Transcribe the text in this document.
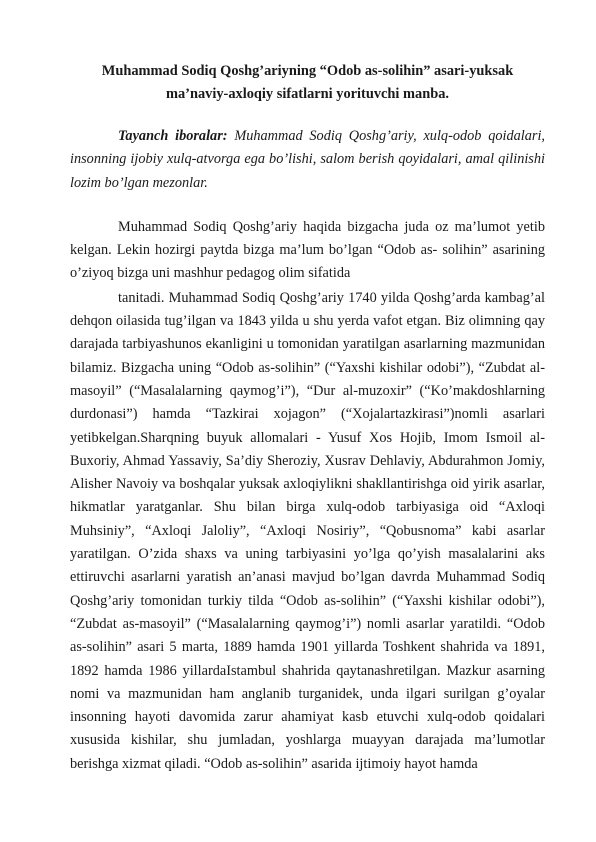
Muhammad Sodiq Qoshg’ariyning “Odob as-solihin” asari-yuksak ma’naviy-axloqiy sifatlarni yorituvchi manba.

Tayanch iboralar: Muhammad Sodiq Qoshg’ariy, xulq-odob qoidalari, insonning ijobiy xulq-atvorga ega bo’lishi, salom berish qoyidalari, amal qilinishi lozim bo’lgan mezonlar.

Muhammad Sodiq Qoshg’ariy haqida bizgacha juda oz ma’lumot yetib kelgan. Lekin hozirgi paytda bizga ma’lum bo’lgan “Odob as- solihin” asarining o’ziyoq bizga uni mashhur pedagog olim sifatida

tanitadi. Muhammad Sodiq Qoshg’ariy 1740 yilda Qoshg’arda kambag’al dehqon oilasida tug’ilgan va 1843 yilda u shu yerda vafot etgan. Biz olimning qay darajada tarbiyashunos ekanligini u tomonidan yaratilgan asarlarning mazmunidan bilamiz. Bizgacha uning “Odob as-solihin” (“Yaxshi kishilar odobi”), “Zubdat al-masoyil” (“Masalalarning qaymog’i”), “Dur al-muzoxir” (“Ko’makdoshlarning durdonasi”) hamda “Tazkirai xojagon” (“Xojalartazkirasi”)nomli asarlari yetibkelgan.Sharqning buyuk allomalari - Yusuf Xos Hojib, Imom Ismoil al-Buxoriy, Ahmad Yassaviy, Sa’diy Sheroziy, Xusrav Dehlaviy, Abdurahmon Jomiy, Alisher Navoiy va boshqalar yuksak axloqiylikni shakllantirishga oid yirik asarlar, hikmatlar yaratganlar. Shu bilan birga xulq-odob tarbiyasiga oid “Axloqi Muhsiniy”, “Axloqi Jaloliy”, “Axloqi Nosiriy”, “Qobusnoma” kabi asarlar yaratilgan. O’zida shaxs va uning tarbiyasini yo’lga qo’yish masalalarini aks ettiruvchi asarlarni yaratish an’anasi mavjud bo’lgan davrda Muhammad Sodiq Qoshg’ariy tomonidan turkiy tilda “Odob as-solihin” (“Yaxshi kishilar odobi”), “Zubdat as-masoyil” (“Masalalarning qaymog’i”) nomli asarlar yaratildi. “Odob as-solihin” asari 5 marta, 1889 hamda 1901 yillarda Toshkent shahrida va 1891, 1892 hamda 1986 yillardaIstambul shahrida qaytanashretilgan. Mazkur asarning nomi va mazmunidan ham anglanib turganidek, unda ilgari surilgan g’oyalar insonning hayoti davomida zarur ahamiyat kasb etuvchi xulq-odob qoidalari xususida kishilar, shu jumladan, yoshlarga muayyan darajada ma’lumotlar berishga xizmat qiladi. “Odob as-solihin” asarida ijtimoiy hayot hamda
